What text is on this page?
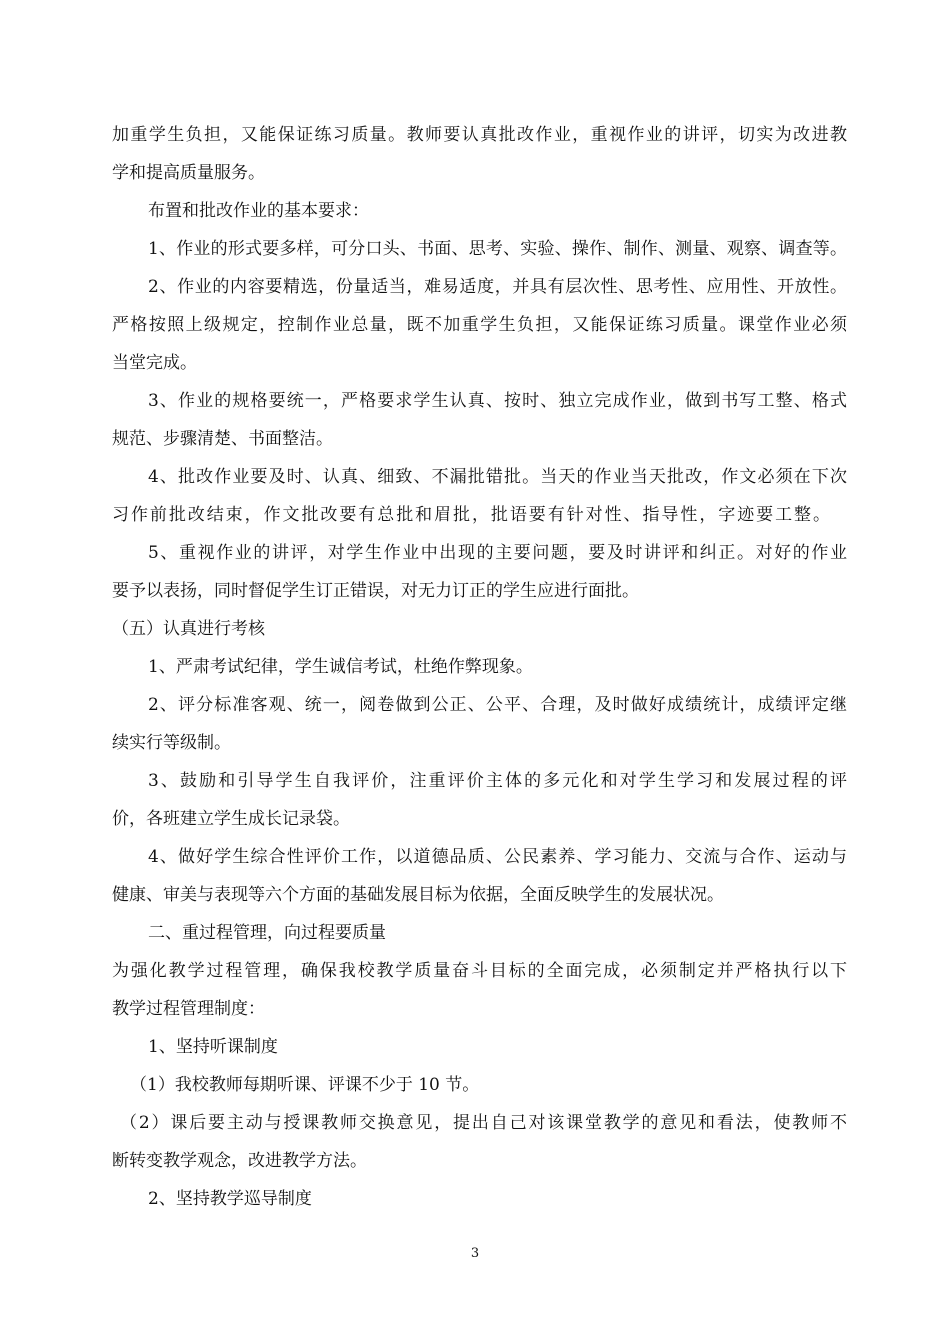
加重学生负担，又能保证练习质量。教师要认真批改作业，重视作业的讲评，切实为改进教
学和提高质量服务。
布置和批改作业的基本要求：
1、作业的形式要多样，可分口头、书面、思考、实验、操作、制作、测量、观察、调查等。
2、作业的内容要精选，份量适当，难易适度，并具有层次性、思考性、应用性、开放性。
严格按照上级规定，控制作业总量，既不加重学生负担，又能保证练习质量。课堂作业必须
当堂完成。
3、作业的规格要统一，严格要求学生认真、按时、独立完成作业，做到书写工整、格式
规范、步骤清楚、书面整洁。
4、批改作业要及时、认真、细致、不漏批错批。当天的作业当天批改，作文必须在下次
习作前批改结束，作文批改要有总批和眉批，批语要有针对性、指导性，字迹要工整。
5、重视作业的讲评，对学生作业中出现的主要问题，要及时讲评和纠正。对好的作业
要予以表扬，同时督促学生订正错误，对无力订正的学生应进行面批。
（五）认真进行考核
1、严肃考试纪律，学生诚信考试，杜绝作弊现象。
2、评分标准客观、统一，阅卷做到公正、公平、合理，及时做好成绩统计，成绩评定继
续实行等级制。
3、鼓励和引导学生自我评价，注重评价主体的多元化和对学生学习和发展过程的评
价，各班建立学生成长记录袋。
4、做好学生综合性评价工作，以道德品质、公民素养、学习能力、交流与合作、运动与
健康、审美与表现等六个方面的基础发展目标为依据，全面反映学生的发展状况。
二、重过程管理，向过程要质量
为强化教学过程管理，确保我校教学质量奋斗目标的全面完成，必须制定并严格执行以下
教学过程管理制度：
1、坚持听课制度
（1）我校教师每期听课、评课不少于 10 节。
（2）课后要主动与授课教师交换意见，提出自己对该课堂教学的意见和看法，使教师不
断转变教学观念，改进教学方法。
2、坚持教学巡导制度
3
